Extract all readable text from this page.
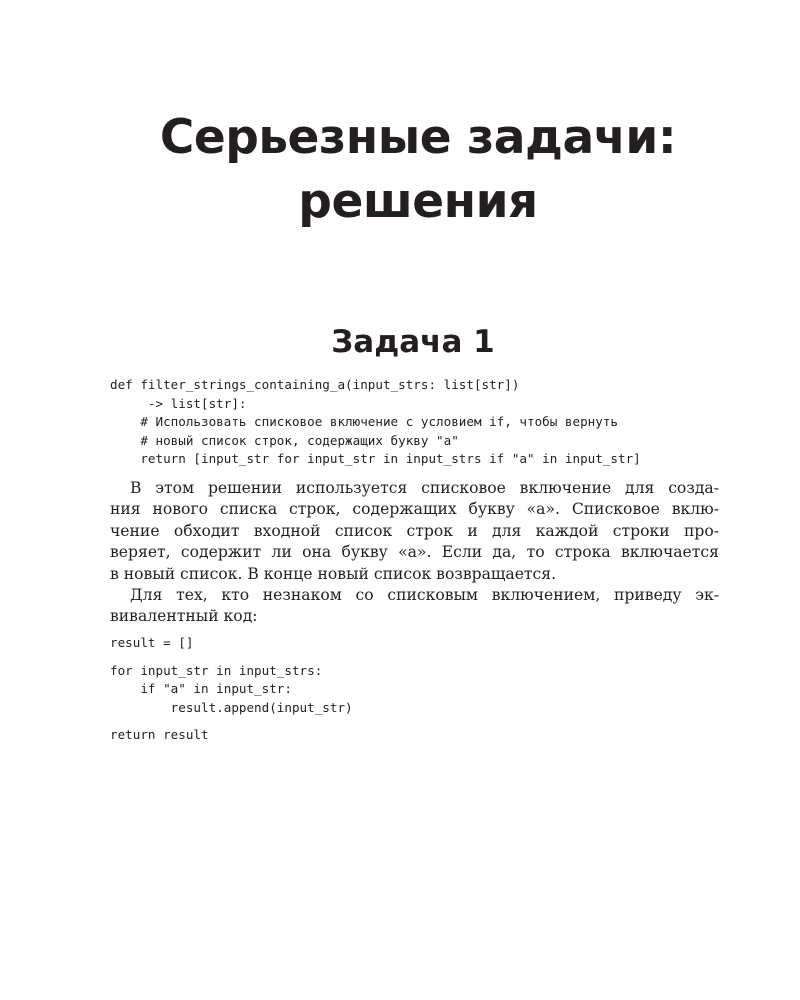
Серьезные задачи:
решения
Задача 1
def filter_strings_containing_a(input_strs: list[str])
-> list[str]:
# Использовать списковое включение с условием if, чтобы вернуть
# новый список строк, содержащих букву "a"
return [input_str for input_str in input_strs if "a" in input_str]

В этом решении используется списковое включение для созда-
ния нового списка строк, содержащих букву «a». Списковое вклю-
чение обходит входной список строк и для каждой строки про-
веряет, содержит ли она букву «a». Если да, то строка включается
в новый список. В конце новый список возвращается.

Для тех, кто незнаком со списковым включением, приведу эк-
вивалентный код:

result = []
for input_str in input_strs:
if "a" in input_str:
result.append(input_str)
return result
